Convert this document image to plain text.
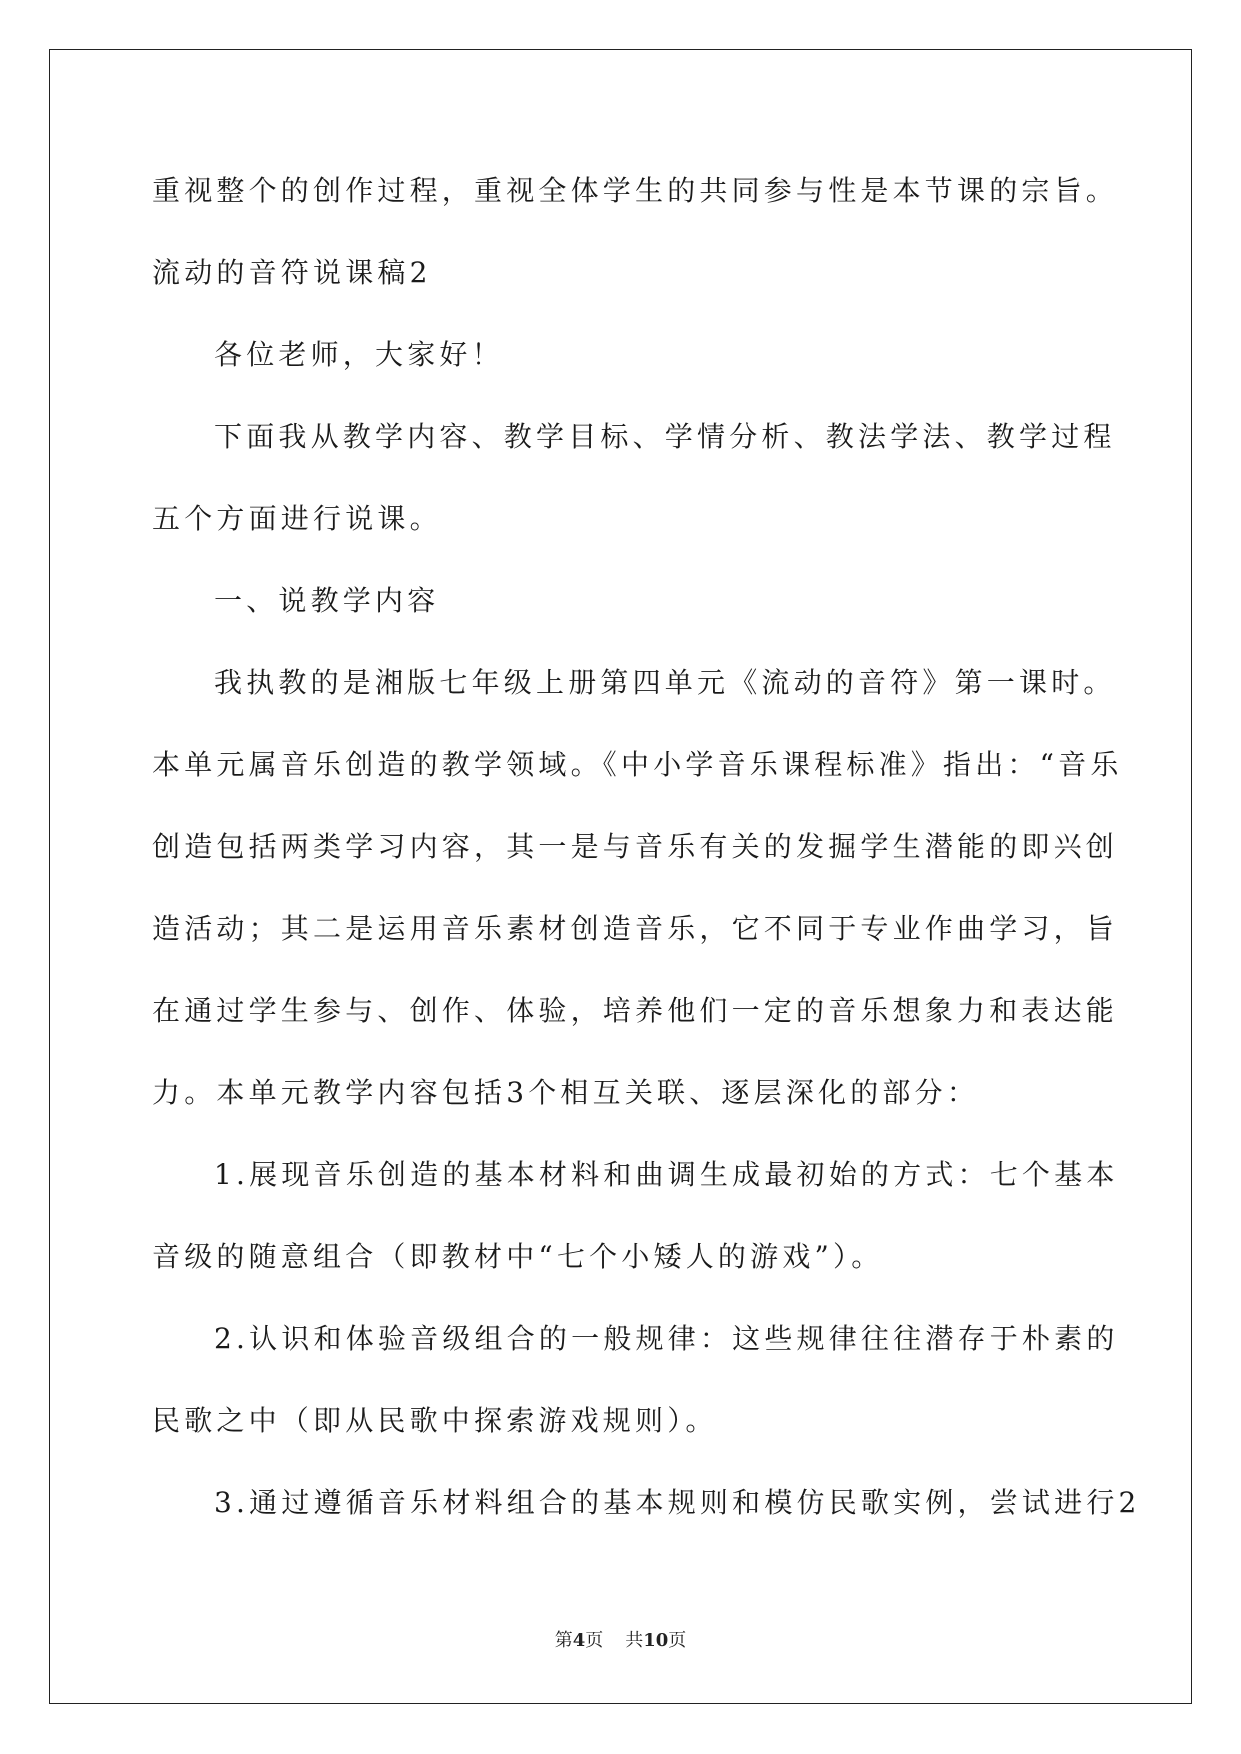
重视整个的创作过程，重视全体学生的共同参与性是本节课的宗旨。
流动的音符说课稿2
各位老师，大家好！
下面我从教学内容、教学目标、学情分析、教法学法、教学过程
五个方面进行说课。
一、说教学内容
我执教的是湘版七年级上册第四单元《流动的音符》第一课时。
本单元属音乐创造的教学领域。《中小学音乐课程标准》指出：“音乐
创造包括两类学习内容，其一是与音乐有关的发掘学生潜能的即兴创
造活动；其二是运用音乐素材创造音乐，它不同于专业作曲学习，旨
在通过学生参与、创作、体验，培养他们一定的音乐想象力和表达能
力。本单元教学内容包括3个相互关联、逐层深化的部分：
1.展现音乐创造的基本材料和曲调生成最初始的方式：七个基本
音级的随意组合（即教材中“七个小矮人的游戏”）。
2.认识和体验音级组合的一般规律：这些规律往往潜存于朴素的
民歌之中（即从民歌中探索游戏规则）。
3.通过遵循音乐材料组合的基本规则和模仿民歌实例，尝试进行2
第4页 共10页
